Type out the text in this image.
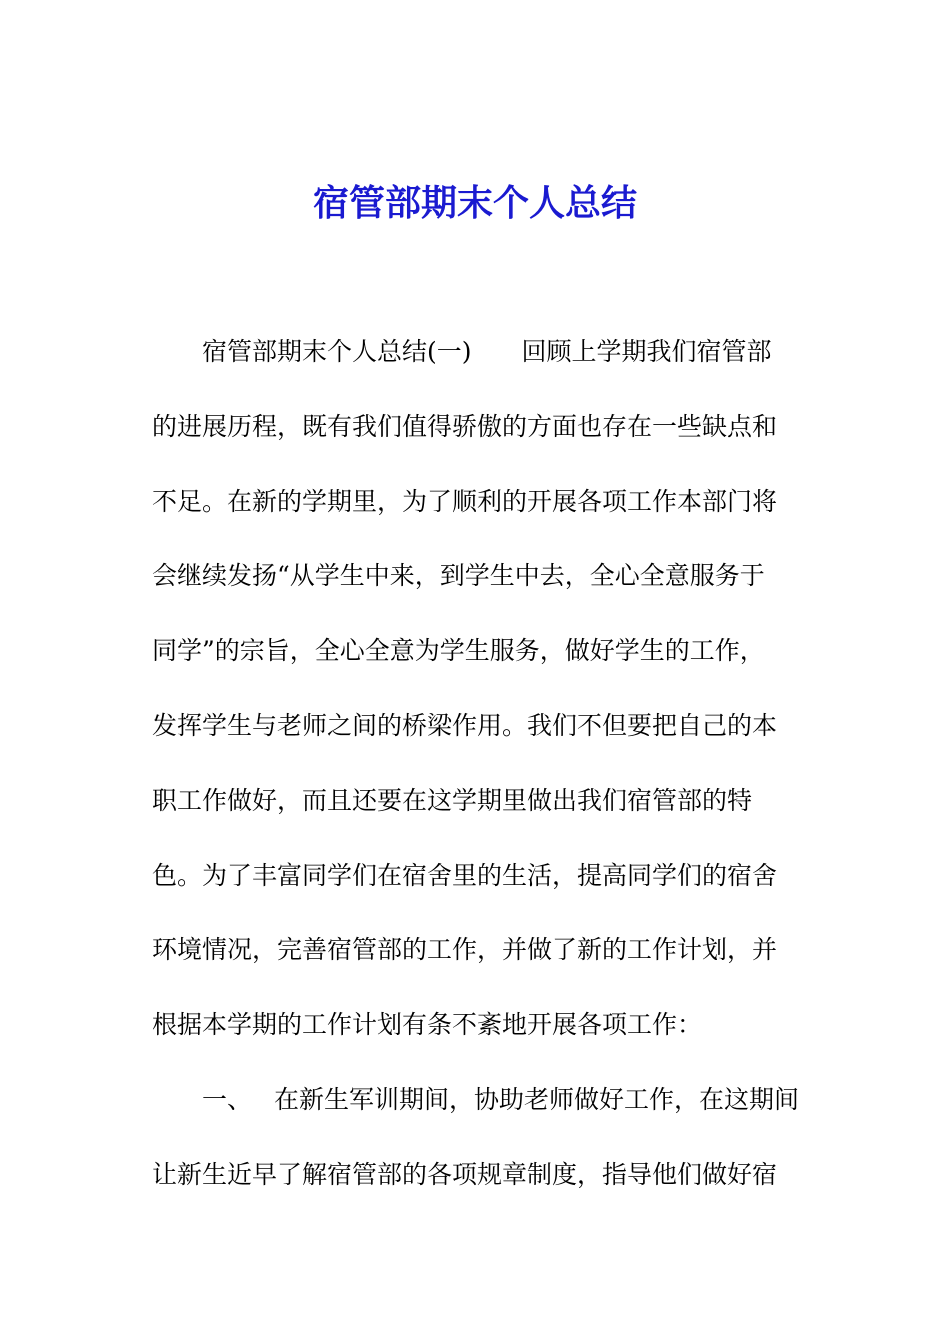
宿管部期末个人总结
宿管部期末个人总结(一) 回顾上学期我们宿管部
的进展历程，既有我们值得骄傲的方面也存在一些缺点和
不足。在新的学期里，为了顺利的开展各项工作本部门将
会继续发扬“从学生中来，到学生中去，全心全意服务于
同学”的宗旨，全心全意为学生服务，做好学生的工作，
发挥学生与老师之间的桥梁作用。我们不但要把自己的本
职工作做好，而且还要在这学期里做出我们宿管部的特
色。为了丰富同学们在宿舍里的生活，提高同学们的宿舍
环境情况，完善宿管部的工作，并做了新的工作计划，并
根据本学期的工作计划有条不紊地开展各项工作：
一、 在新生军训期间，协助老师做好工作，在这期间
让新生近早了解宿管部的各项规章制度，指导他们做好宿
